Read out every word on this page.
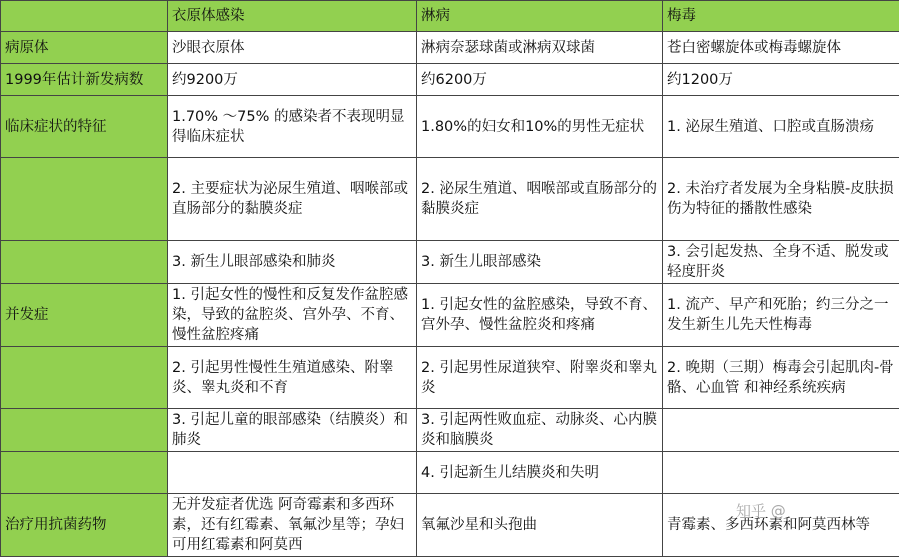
	衣原体感染	淋病	梅毒
病原体	沙眼衣原体	淋病奈瑟球菌或淋病双球菌	苍白密螺旋体或梅毒螺旋体
1999年估计新发病数	约9200万	约6200万	约1200万
临床症状的特征	1.70% 〜75% 的感染者不表现明显得临床症状	1.80%的妇女和10%的男性无症状	1. 泌尿生殖道、口腔或直肠溃疡
	2. 主要症状为泌尿生殖道、咽喉部或直肠部分的黏膜炎症	2. 泌尿生殖道、咽喉部或直肠部分的黏膜炎症	2. 未治疗者发展为全身粘膜-皮肤损伤为特征的播散性感染
	3. 新生儿眼部感染和肺炎	3. 新生儿眼部感染	3. 会引起发热、全身不适、脱发或轻度肝炎
并发症	1. 引起女性的慢性和反复发作盆腔感染，导致的盆腔炎、宫外孕、不育、慢性盆腔疼痛	1. 引起女性的盆腔感染，导致不育、宫外孕、慢性盆腔炎和疼痛	1. 流产、早产和死胎；约三分之一发生新生儿先天性梅毒
	2. 引起男性慢性生殖道感染、附睾炎、睾丸炎和不育	2. 引起男性尿道狭窄、附睾炎和睾丸炎	2. 晚期（三期）梅毒会引起肌肉-骨骼、心血管 和神经系统疾病
	3. 引起儿童的眼部感染（结膜炎）和肺炎	3. 引起两性败血症、动脉炎、心内膜炎和脑膜炎	
		4. 引起新生儿结膜炎和失明	
治疗用抗菌药物	无并发症者优选 阿奇霉素和多西环素，还有红霉素、氧氟沙星等；孕妇可用红霉素和阿莫西	氧氟沙星和头孢曲	青霉素、多西环素和阿莫西林等
知乎 @
